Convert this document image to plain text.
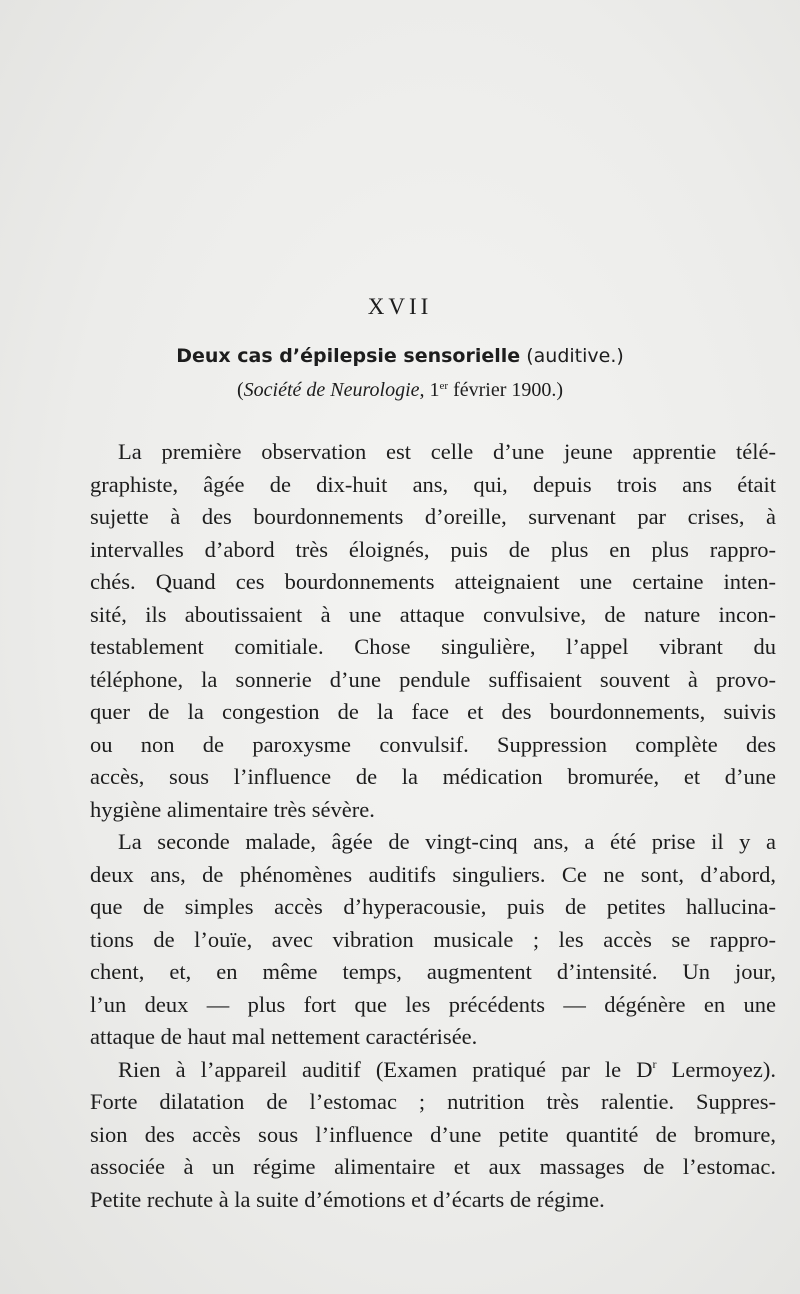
XVII
Deux cas d’épilepsie sensorielle (auditive.)
(Société de Neurologie, 1er février 1900.)
La première observation est celle d’une jeune apprentie télé-
graphiste, âgée de dix-huit ans, qui, depuis trois ans était
sujette à des bourdonnements d’oreille, survenant par crises, à
intervalles d’abord très éloignés, puis de plus en plus rappro-
chés. Quand ces bourdonnements atteignaient une certaine inten-
sité, ils aboutissaient à une attaque convulsive, de nature incon-
testablement comitiale. Chose singulière, l’appel vibrant du
téléphone, la sonnerie d’une pendule suffisaient souvent à provo-
quer de la congestion de la face et des bourdonnements, suivis
ou non de paroxysme convulsif. Suppression complète des
accès, sous l’influence de la médication bromurée, et d’une
hygiène alimentaire très sévère.
La seconde malade, âgée de vingt-cinq ans, a été prise il y a
deux ans, de phénomènes auditifs singuliers. Ce ne sont, d’abord,
que de simples accès d’hyperacousie, puis de petites hallucina-
tions de l’ouïe, avec vibration musicale ; les accès se rappro-
chent, et, en même temps, augmentent d’intensité. Un jour,
l’un deux — plus fort que les précédents — dégénère en une
attaque de haut mal nettement caractérisée.
Rien à l’appareil auditif (Examen pratiqué par le $D^r$ Lermoyez).
Forte dilatation de l’estomac ; nutrition très ralentie. Suppres-
sion des accès sous l’influence d’une petite quantité de bromure,
associée à un régime alimentaire et aux massages de l’estomac.
Petite rechute à la suite d’émotions et d’écarts de régime.
